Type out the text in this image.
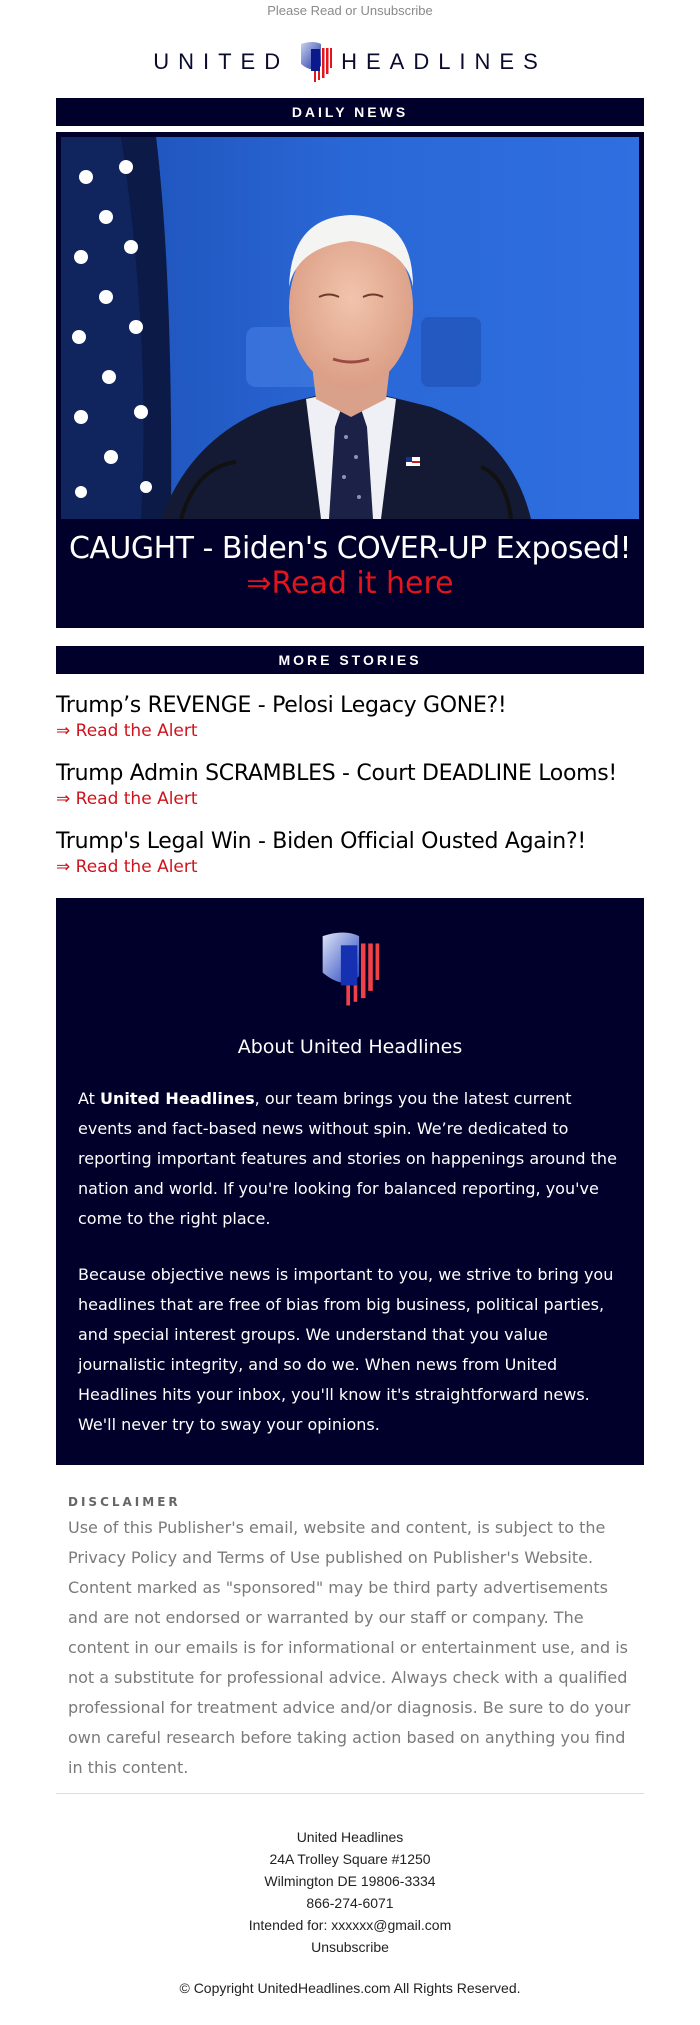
Please Read or Unsubscribe
UNITED HEADLINES
DAILY NEWS
CAUGHT - Biden's COVER-UP Exposed!
⇒Read it here
MORE STORIES
Trump’s REVENGE - Pelosi Legacy GONE?!
⇒ Read the Alert
Trump Admin SCRAMBLES - Court DEADLINE Looms!
⇒ Read the Alert
Trump's Legal Win - Biden Official Ousted Again?!
⇒ Read the Alert
About United Headlines

At United Headlines, our team brings you the latest current events and fact-based news without spin. We’re dedicated to reporting important features and stories on happenings around the nation and world. If you're looking for balanced reporting, you've come to the right place.

Because objective news is important to you, we strive to bring you headlines that are free of bias from big business, political parties, and special interest groups. We understand that you value journalistic integrity, and so do we. When news from United Headlines hits your inbox, you'll know it's straightforward news. We'll never try to sway your opinions.

DISCLAIMER
Use of this Publisher's email, website and content, is subject to the Privacy Policy and Terms of Use published on Publisher's Website. Content marked as "sponsored" may be third party advertisements and are not endorsed or warranted by our staff or company. The content in our emails is for informational or entertainment use, and is not a substitute for professional advice. Always check with a qualified professional for treatment advice and/or diagnosis. Be sure to do your own careful research before taking action based on anything you find in this content.
United Headlines
24A Trolley Square #1250
Wilmington DE 19806-3334
866-274-6071
Intended for: xxxxxx@gmail.com
Unsubscribe
© Copyright UnitedHeadlines.com All Rights Reserved.
